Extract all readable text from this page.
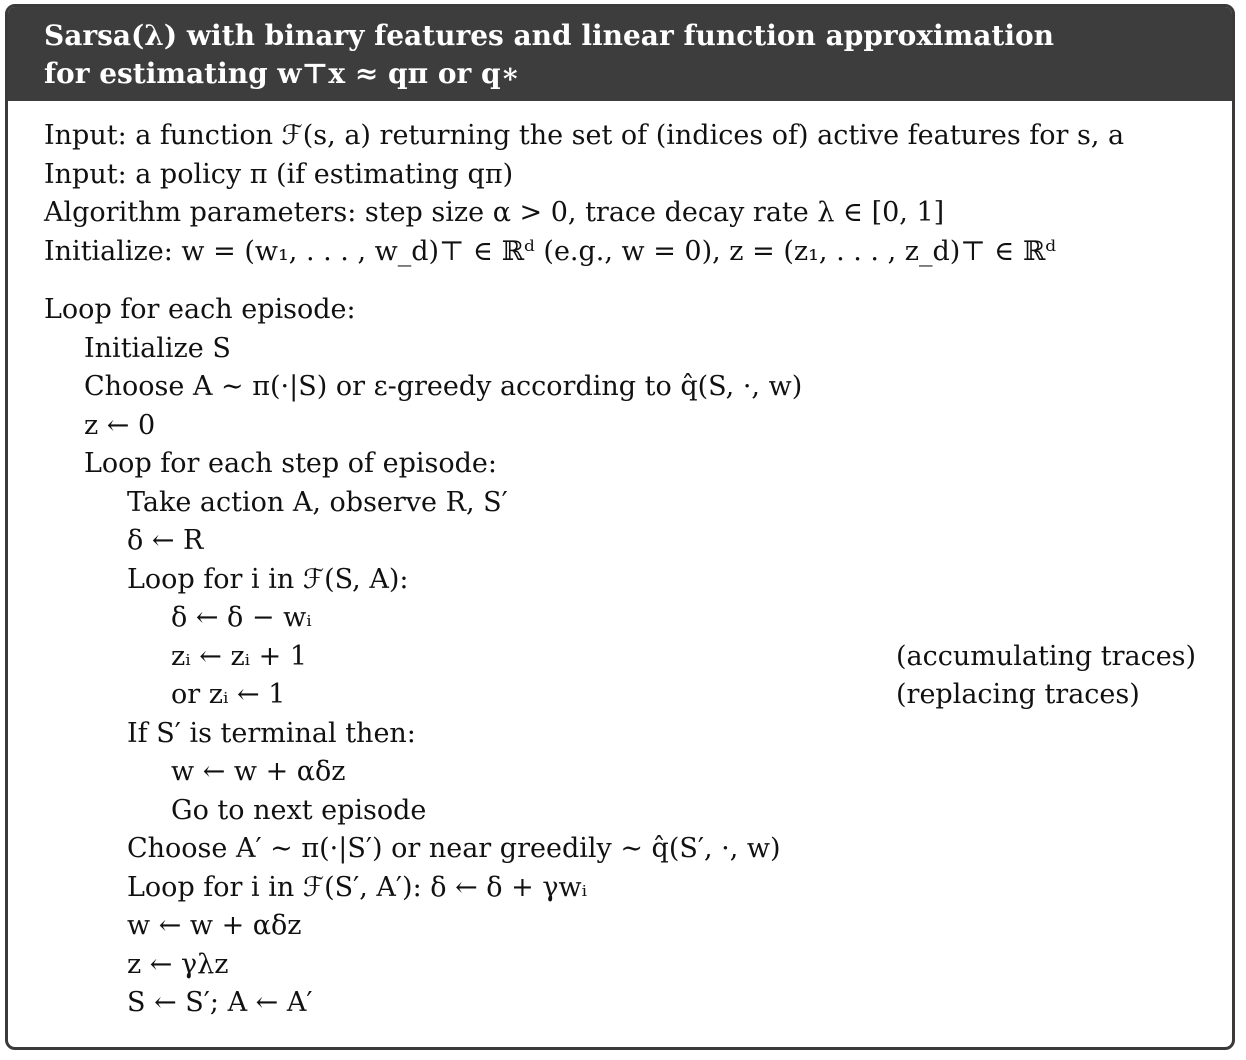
Sarsa(λ) with binary features and linear function approximation
for estimating w⊤x ≈ qπ or q∗
Input: a function ℱ(s, a) returning the set of (indices of) active features for s, a
Input: a policy π (if estimating qπ)
Algorithm parameters: step size α > 0, trace decay rate λ ∈ [0, 1]
Initialize: w = (w₁, . . . , w_d)⊤ ∈ ℝᵈ (e.g., w = 0), z = (z₁, . . . , z_d)⊤ ∈ ℝᵈ
Loop for each episode:
Initialize S
Choose A ∼ π(·|S) or ε-greedy according to q̂(S, ·, w)
z ← 0
Loop for each step of episode:
Take action A, observe R, S′
δ ← R
Loop for i in ℱ(S, A):
δ ← δ − wᵢ
zᵢ ← zᵢ + 1	(accumulating traces)
or zᵢ ← 1	(replacing traces)
If S′ is terminal then:
w ← w + αδz
Go to next episode
Choose A′ ∼ π(·|S′) or near greedily ∼ q̂(S′, ·, w)
Loop for i in ℱ(S′, A′): δ ← δ + γwᵢ
w ← w + αδz
z ← γλz
S ← S′; A ← A′
